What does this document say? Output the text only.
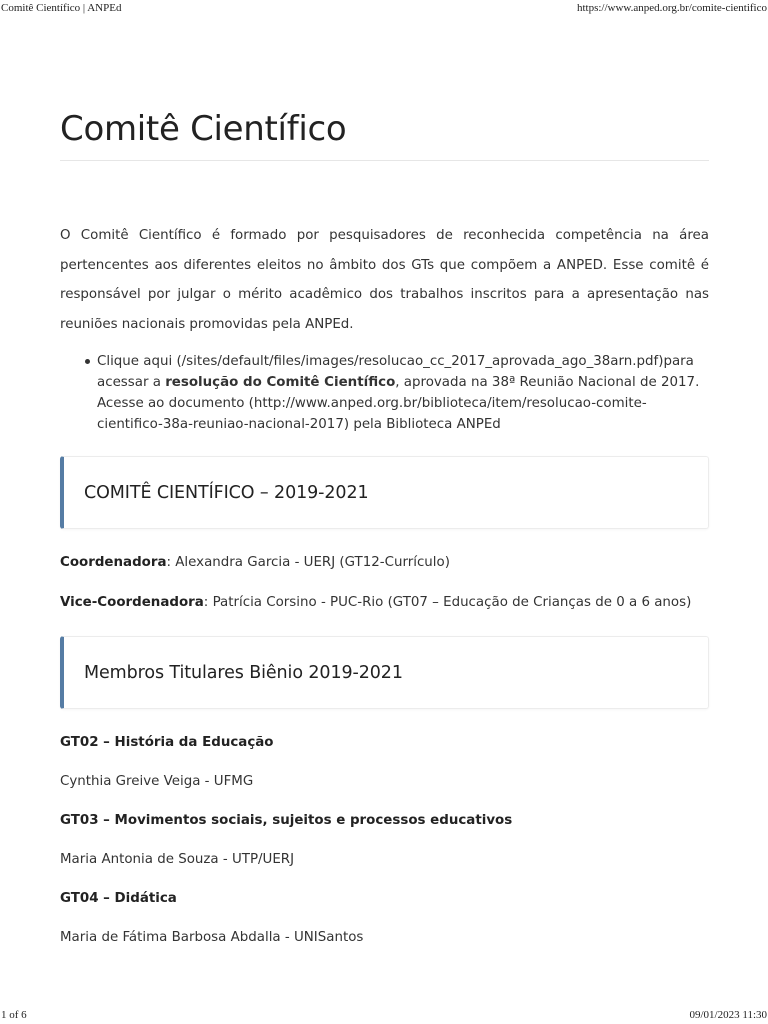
Comitê Científico | ANPEd	https://www.anped.org.br/comite-cientifico
Comitê Científico

O Comitê Científico é formado por pesquisadores de reconhecida competência na área pertencentes aos diferentes eleitos no âmbito dos GTs que compõem a ANPED. Esse comitê é responsável por julgar o mérito acadêmico dos trabalhos inscritos para a apresentação nas reuniões nacionais promovidas pela ANPEd.

Clique aqui (/sites/default/files/images/resolucao_cc_2017_aprovada_ago_38arn.pdf)para acessar a resolução do Comitê Científico, aprovada na 38ª Reunião Nacional de 2017. Acesse ao documento (http://www.anped.org.br/biblioteca/item/resolucao-comite-cientifico-38a-reuniao-nacional-2017) pela Biblioteca ANPEd
COMITÊ CIENTÍFICO – 2019-2021

Coordenadora: Alexandra Garcia - UERJ (GT12-Currículo)

Vice-Coordenadora: Patrícia Corsino - PUC-Rio (GT07 – Educação de Crianças de 0 a 6 anos)

Membros Titulares Biênio 2019-2021

GT02 – História da Educação

Cynthia Greive Veiga - UFMG

GT03 – Movimentos sociais, sujeitos e processos educativos

Maria Antonia de Souza - UTP/UERJ

GT04 – Didática

Maria de Fátima Barbosa Abdalla - UNISantos

1 of 6	09/01/2023 11:30
